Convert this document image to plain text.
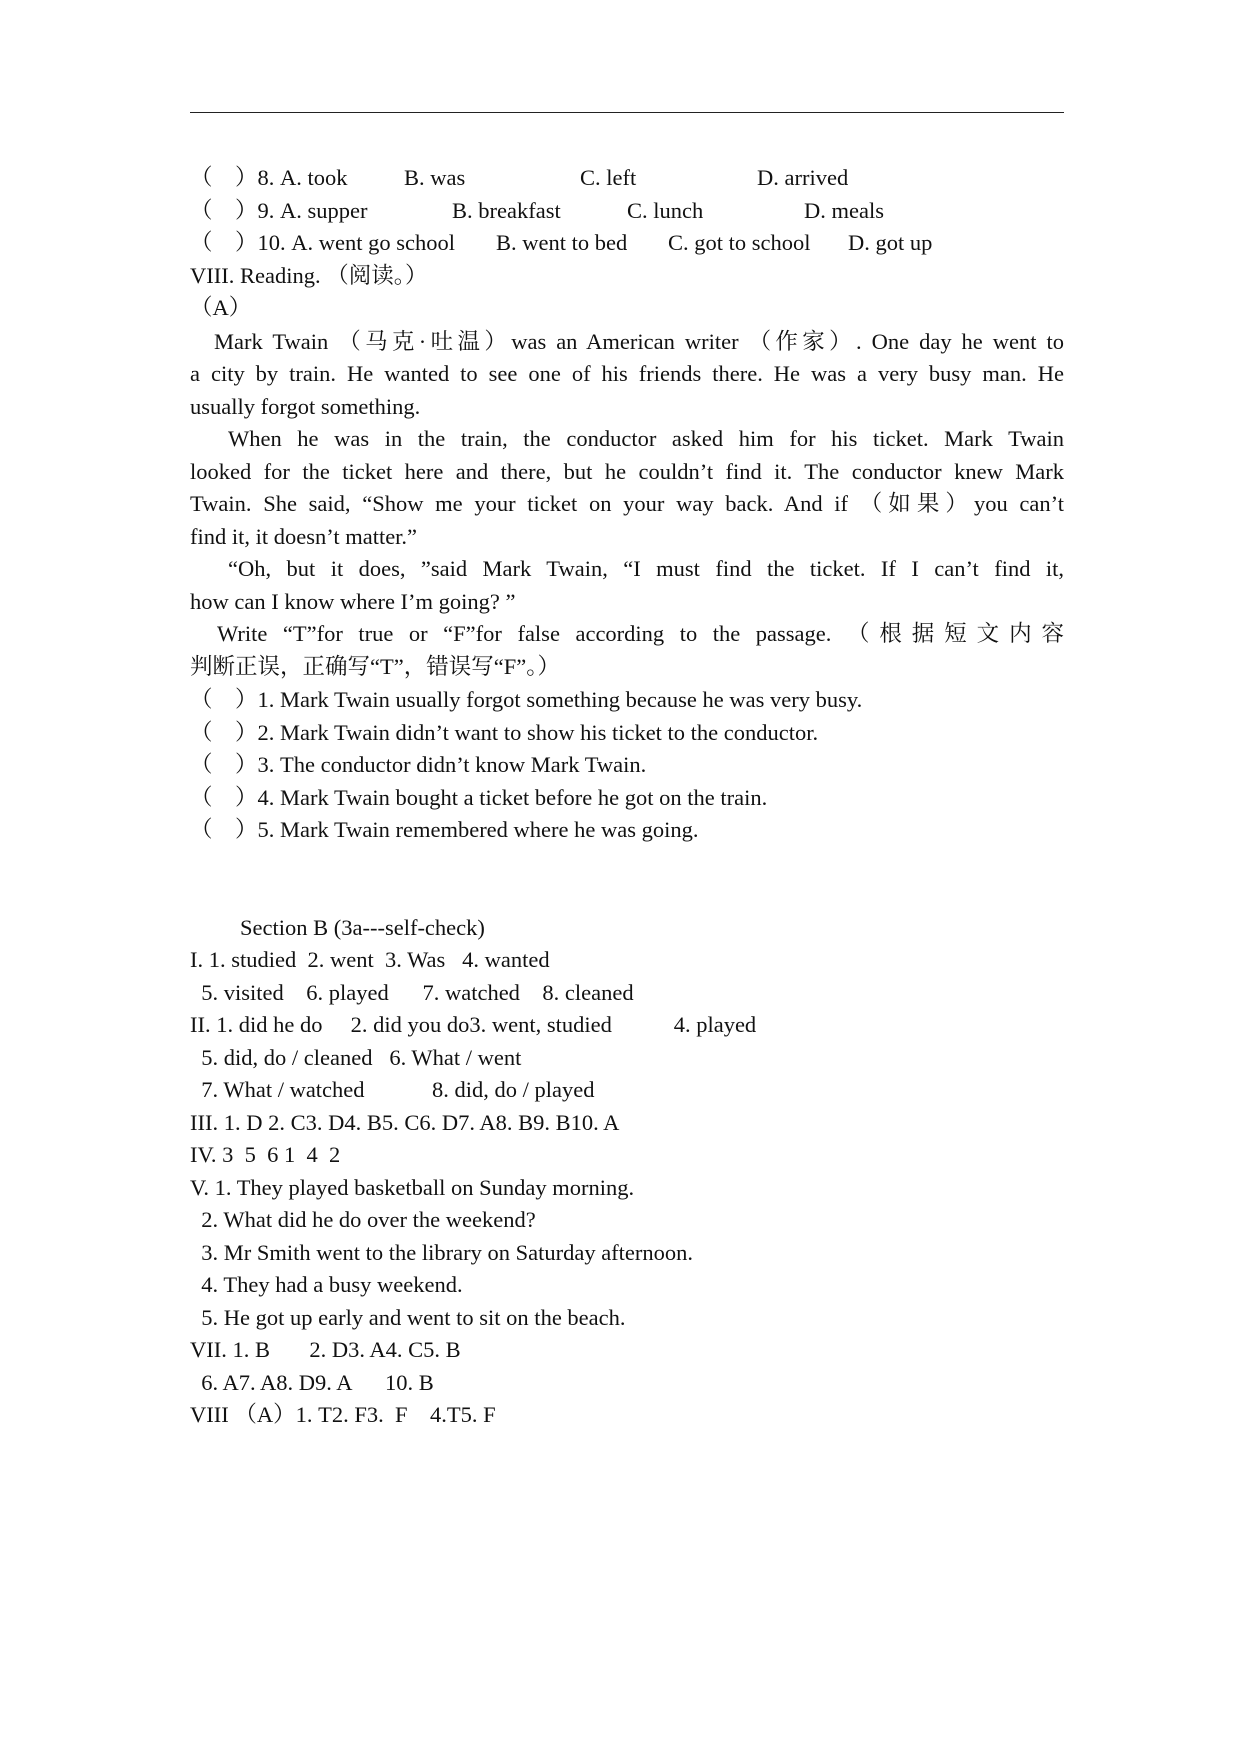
（　）8. A. took	B. was	C. left	D. arrived
（　）9. A. supper	B. breakfast	C. lunch	D. meals
（　）10. A. went go school B. went to bed C. got to school D. got up
VIII. Reading. （阅读。）
（A）
Mark Twain （马克·吐温）was an American writer （作家）. One day he went to
a city by train. He wanted to see one of his friends there. He was a very busy man. He
usually forgot something.
When he was in the train, the conductor asked him for his ticket. Mark Twain
looked for the ticket here and there, but he couldn’t find it. The conductor knew Mark
Twain. She said, “Show me your ticket on your way back. And if （如果）you can’t
find it, it doesn’t matter.”
“Oh, but it does, ”said Mark Twain, “I must find the ticket. If I can’t find it,
how can I know where I’m going? ”
Write “T”for true or “F”for false according to the passage. （根据短文内容
判断正误，正确写“T”，错误写“F”。）
（　）1. Mark Twain usually forgot something because he was very busy.
（　）2. Mark Twain didn’t want to show his ticket to the conductor.
（　）3. The conductor didn’t know Mark Twain.
（　）4. Mark Twain bought a ticket before he got on the train.
（　）5. Mark Twain remembered where he was going.
Section B (3a---self-check)
I. 1. studied  2. went  3. Was   4. wanted
5. visited    6. played      7. watched    8. cleaned
II. 1. did he do     2. did you do3. went, studied           4. played
5. did, do / cleaned   6. What / went
7. What / watched            8. did, do / played
III. 1. D 2. C3. D4. B5. C6. D7. A8. B9. B10. A
IV. 3  5  6 1  4  2
V. 1. They played basketball on Sunday morning.
2. What did he do over the weekend?
3. Mr Smith went to the library on Saturday afternoon.
4. They had a busy weekend.
5. He got up early and went to sit on the beach.
VII. 1. B       2. D3. A4. C5. B
6. A7. A8. D9. A      10. B
VIII （A）1. T2. F3.  F    4.T5. F
